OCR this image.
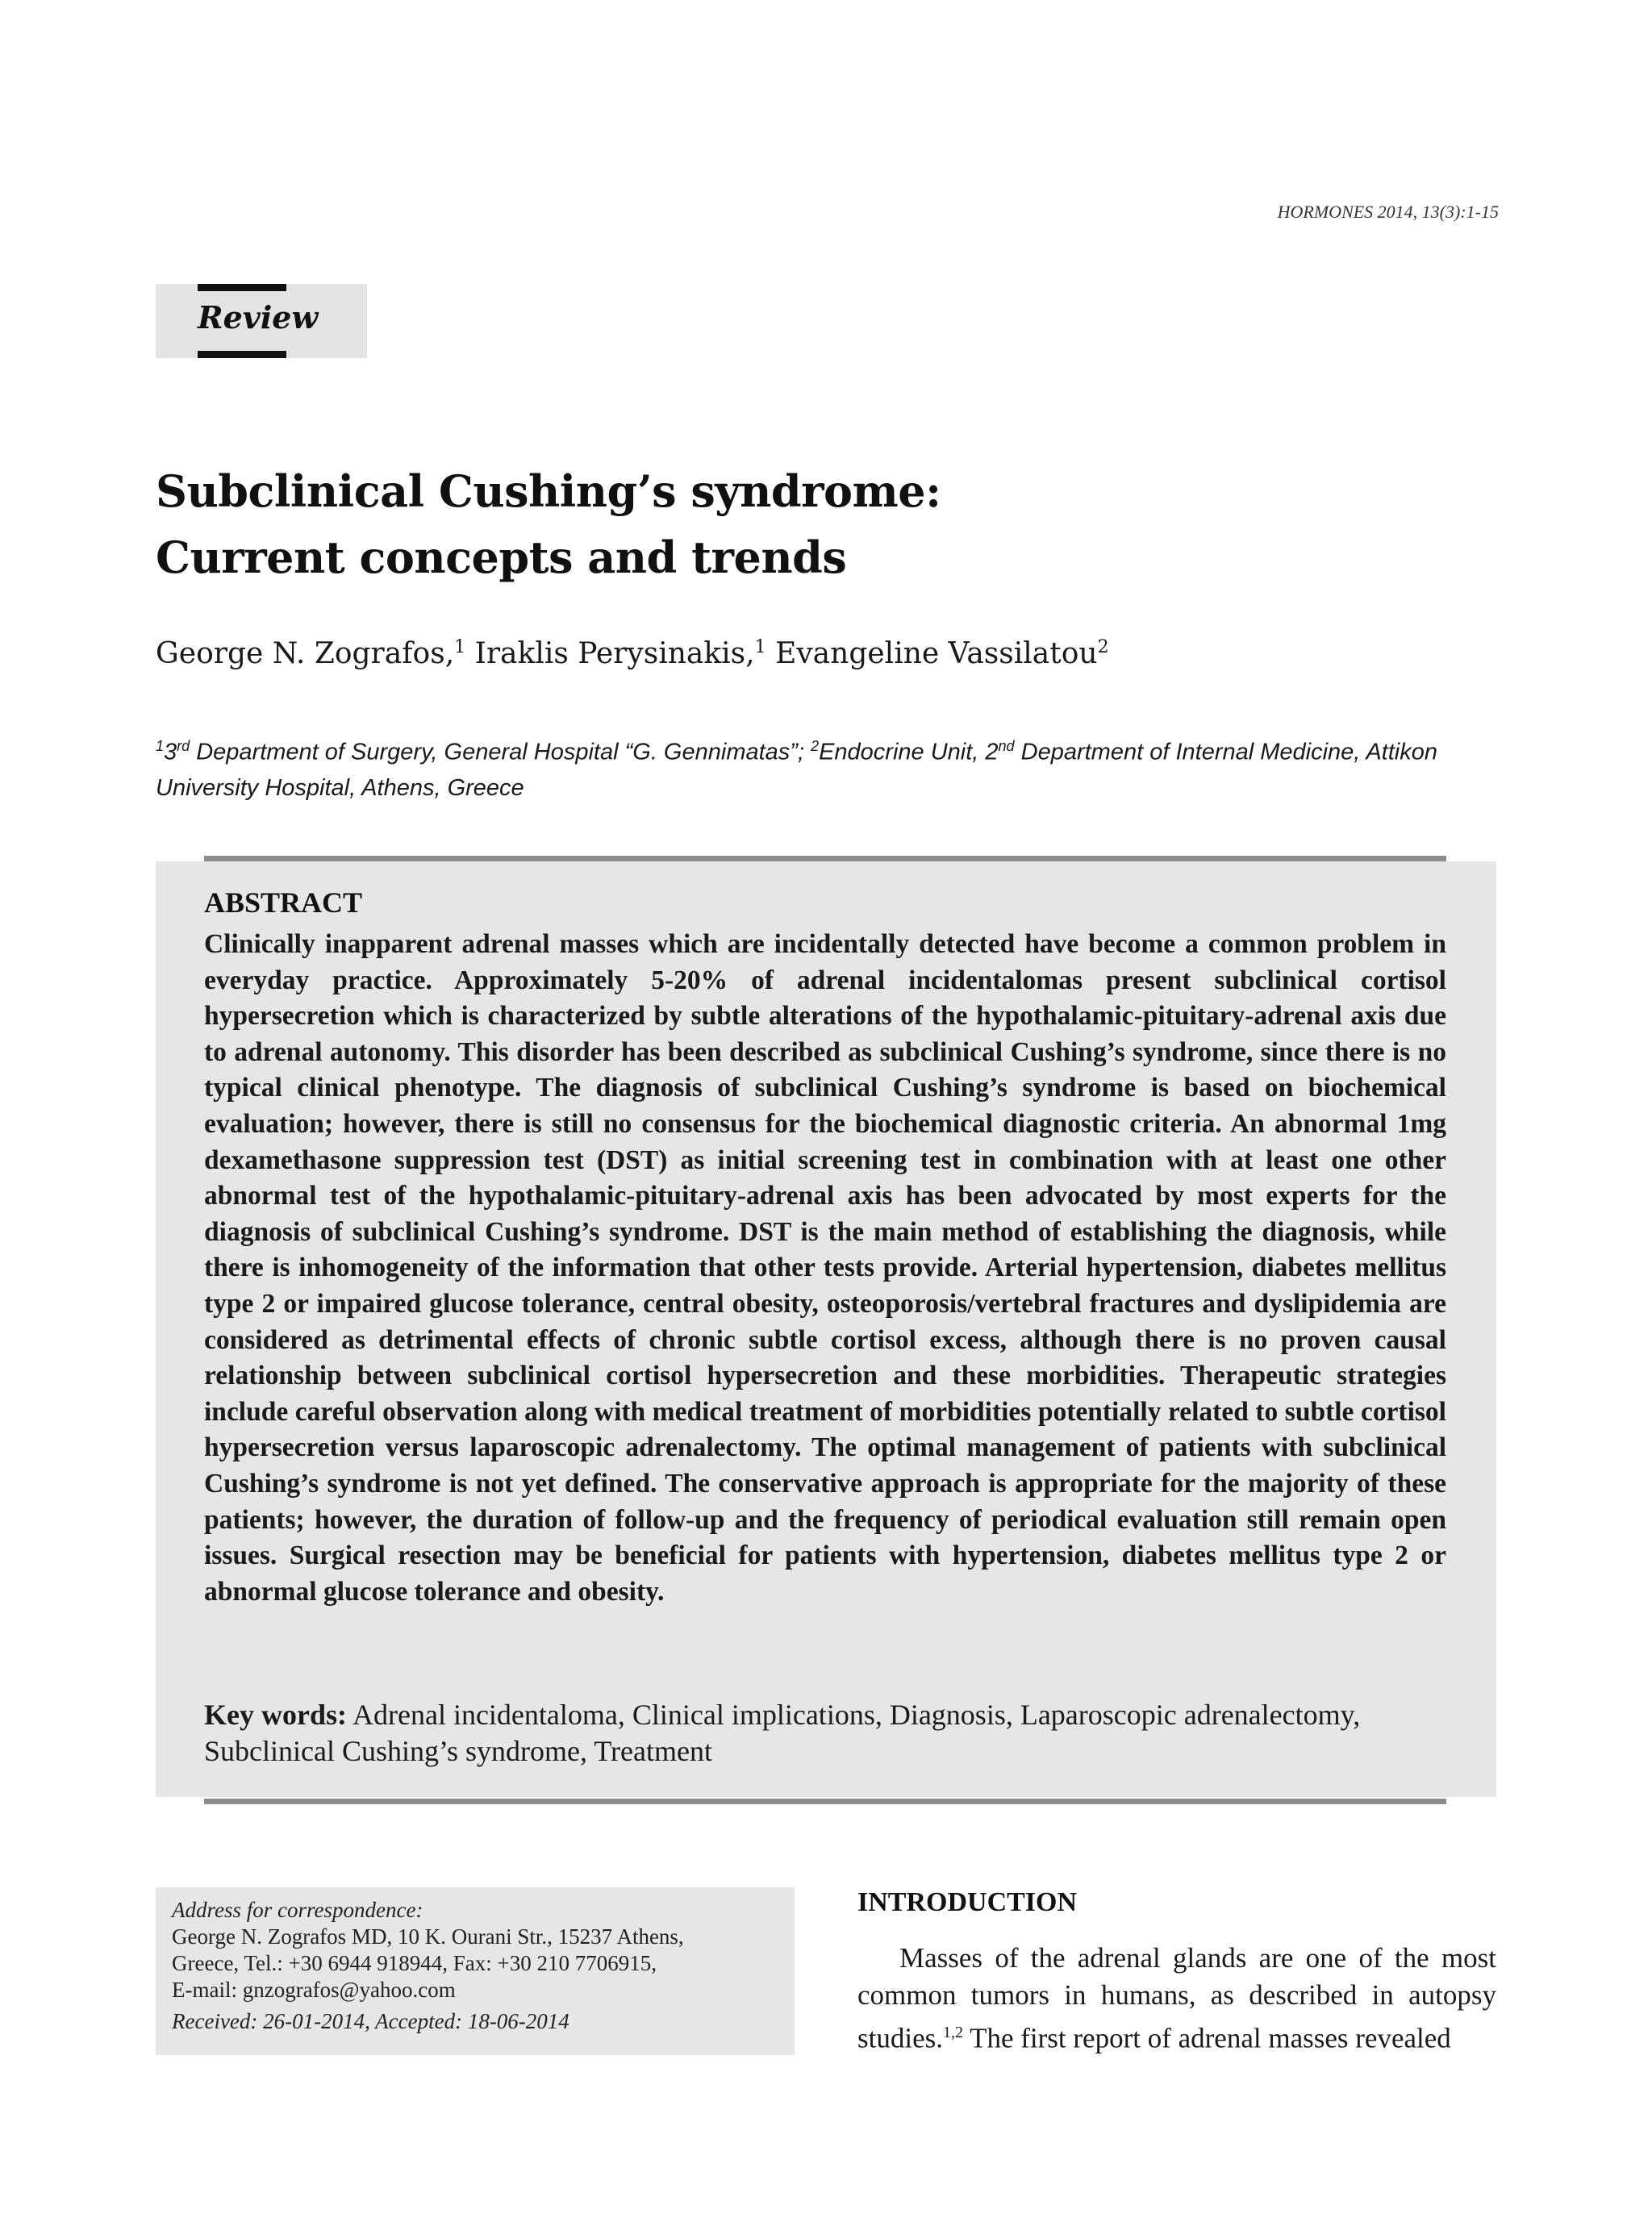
HORMONES 2014, 13(3):1-15
Review
Subclinical Cushing’s syndrome:
Current concepts and trends
George N. Zografos,$^1$ Iraklis Perysinakis,$^1$ Evangeline Vassilatou$^2$
$^1$3rd Department of Surgery, General Hospital “G. Gennimatas”; $^2$Endocrine Unit, 2nd Department of Internal Medicine, Attikon University Hospital, Athens, Greece
ABSTRACT

Clinically inapparent adrenal masses which are incidentally detected have become a common problem in everyday practice. Approximately 5-20% of adrenal incidentalomas present subclinical cortisol hypersecretion which is characterized by subtle alterations of the hypothalamic-pituitary-adrenal axis due to adrenal autonomy. This disorder has been described as subclinical Cushing’s syndrome, since there is no typical clinical phenotype. The diagnosis of subclinical Cushing’s syndrome is based on biochemical evaluation; however, there is still no consensus for the biochemical diagnostic criteria. An abnormal 1mg dexamethasone suppression test (DST) as initial screening test in combination with at least one other abnormal test of the hypothalamic-pituitary-adrenal axis has been advocated by most experts for the diagnosis of subclinical Cushing’s syndrome. DST is the main method of establishing the diagnosis, while there is inhomogeneity of the information that other tests provide. Arterial hypertension, diabetes mellitus type 2 or impaired glucose tolerance, central obesity, osteoporosis/vertebral fractures and dyslipidemia are considered as detrimental effects of chronic subtle cortisol excess, although there is no proven causal relationship between subclinical cortisol hypersecretion and these morbidities. Therapeutic strategies include careful observation along with medical treatment of morbidities potentially related to subtle cortisol hypersecretion versus laparoscopic adrenalectomy. The optimal management of patients with subclinical Cushing’s syndrome is not yet defined. The conservative approach is appropriate for the majority of these patients; however, the duration of follow-up and the frequency of periodical evaluation still remain open issues. Surgical resection may be beneficial for patients with hypertension, diabetes mellitus type 2 or abnormal glucose tolerance and obesity.

Key words: Adrenal incidentaloma, Clinical implications, Diagnosis, Laparoscopic adrenalectomy, Subclinical Cushing’s syndrome, Treatment

Address for correspondence:
George N. Zografos MD, 10 K. Ourani Str., 15237 Athens,
Greece, Tel.: +30 6944 918944, Fax: +30 210 7706915,
E-mail: gnzografos@yahoo.com
Received: 26-01-2014, Accepted: 18-06-2014
INTRODUCTION

Masses of the adrenal glands are one of the most common tumors in humans, as described in autopsy studies.$^{1,2}$ The first report of adrenal masses revealed
